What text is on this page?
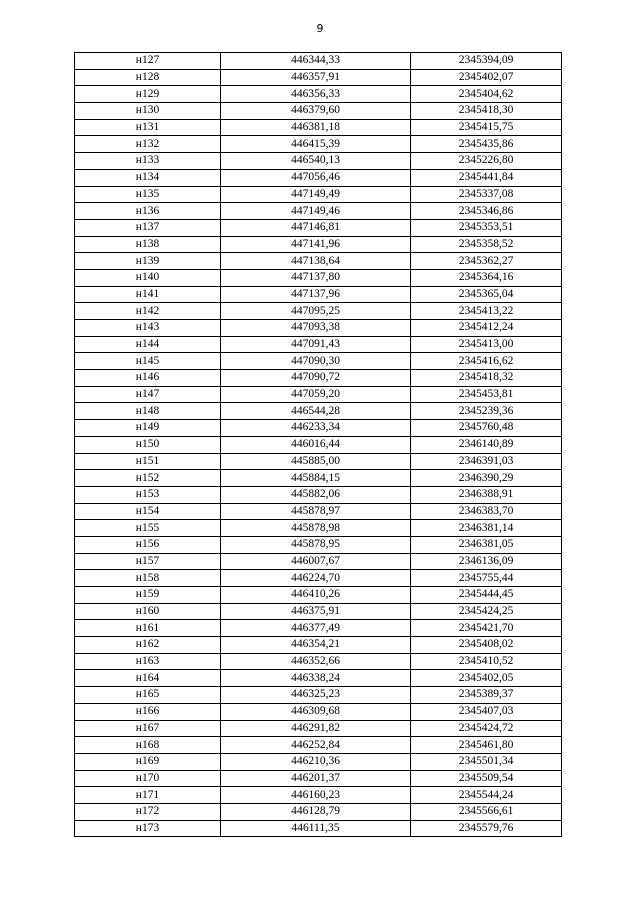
9
н127	446344,33	2345394,09
н128	446357,91	2345402,07
н129	446356,33	2345404,62
н130	446379,60	2345418,30
н131	446381,18	2345415,75
н132	446415,39	2345435,86
н133	446540,13	2345226,80
н134	447056,46	2345441,84
н135	447149,49	2345337,08
н136	447149,46	2345346,86
н137	447146,81	2345353,51
н138	447141,96	2345358,52
н139	447138,64	2345362,27
н140	447137,80	2345364,16
н141	447137,96	2345365,04
н142	447095,25	2345413,22
н143	447093,38	2345412,24
н144	447091,43	2345413,00
н145	447090,30	2345416,62
н146	447090,72	2345418,32
н147	447059,20	2345453,81
н148	446544,28	2345239,36
н149	446233,34	2345760,48
н150	446016,44	2346140,89
н151	445885,00	2346391,03
н152	445884,15	2346390,29
н153	445882,06	2346388,91
н154	445878,97	2346383,70
н155	445878,98	2346381,14
н156	445878,95	2346381,05
н157	446007,67	2346136,09
н158	446224,70	2345755,44
н159	446410,26	2345444,45
н160	446375,91	2345424,25
н161	446377,49	2345421,70
н162	446354,21	2345408,02
н163	446352,66	2345410,52
н164	446338,24	2345402,05
н165	446325,23	2345389,37
н166	446309,68	2345407,03
н167	446291,82	2345424,72
н168	446252,84	2345461,80
н169	446210,36	2345501,34
н170	446201,37	2345509,54
н171	446160,23	2345544,24
н172	446128,79	2345566,61
н173	446111,35	2345579,76
